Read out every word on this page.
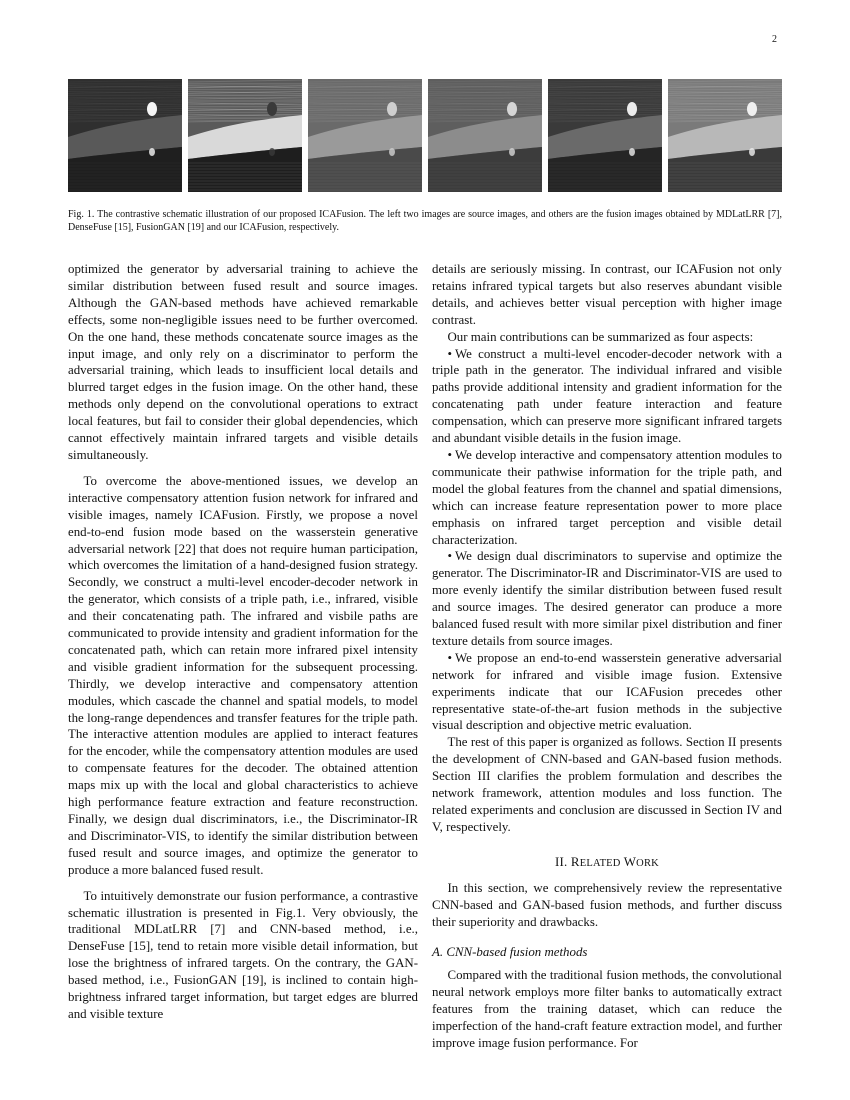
2
Fig. 1. The contrastive schematic illustration of our proposed ICAFusion. The left two images are source images, and others are the fusion images obtained by MDLatLRR [7], DenseFuse [15], FusionGAN [19] and our ICAFusion, respectively.

optimized the generator by adversarial training to achieve the similar distribution between fused result and source images. Although the GAN-based methods have achieved remarkable effects, some non-negligible issues need to be further overcomed. On the one hand, these methods concatenate source images as the input image, and only rely on a discriminator to perform the adversarial training, which leads to insufficient local details and blurred target edges in the fusion image. On the other hand, these methods only depend on the convolutional operations to extract local features, but fail to consider their global dependencies, which cannot effectively maintain infrared targets and visible details simultaneously.

To overcome the above-mentioned issues, we develop an interactive compensatory attention fusion network for infrared and visible images, namely ICAFusion. Firstly, we propose a novel end-to-end fusion mode based on the wasserstein generative adversarial network [22] that does not require human participation, which overcomes the limitation of a hand-designed fusion strategy. Secondly, we construct a multi-level encoder-decoder network in the generator, which consists of a triple path, i.e., infrared, visible and their concatenating path. The infrared and visbile paths are communicated to provide intensity and gradient information for the concatenated path, which can retain more infrared pixel intensity and visible gradient information for the subsequent processing. Thirdly, we develop interactive and compensatory attention modules, which cascade the channel and spatial models, to model the long-range dependences and transfer features for the triple path. The interactive attention modules are applied to interact features for the encoder, while the compensatory attention modules are used to compensate features for the decoder. The obtained attention maps mix up with the local and global characteristics to achieve high performance feature extraction and feature reconstruction. Finally, we design dual discriminators, i.e., the Discriminator-IR and Discriminator-VIS, to identify the similar distribution between fused result and source images, and optimize the generator to produce a more balanced fused result.

To intuitively demonstrate our fusion performance, a contrastive schematic illustration is presented in Fig.1. Very obviously, the traditional MDLatLRR [7] and CNN-based method, i.e., DenseFuse [15], tend to retain more visible detail information, but lose the brightness of infrared targets. On the contrary, the GAN-based method, i.e., FusionGAN [19], is inclined to contain high-brightness infrared target information, but target edges are blurred and visible texture

details are seriously missing. In contrast, our ICAFusion not only retains infrared typical targets but also reserves abundant visible details, and achieves better visual perception with higher image contrast.

Our main contributions can be summarized as four aspects:

• We construct a multi-level encoder-decoder network with a triple path in the generator. The individual infrared and visible paths provide additional intensity and gradient information for the concatenating path under feature interaction and feature compensation, which can preserve more significant infrared targets and abundant visible details in the fusion image.

• We develop interactive and compensatory attention modules to communicate their pathwise information for the triple path, and model the global features from the channel and spatial dimensions, which can increase feature representation power to more place emphasis on infrared target perception and visible detail characterization.

• We design dual discriminators to supervise and optimize the generator. The Discriminator-IR and Discriminator-VIS are used to more evenly identify the similar distribution between fused result and source images. The desired generator can produce a more balanced fused result with more similar pixel distribution and finer texture details from source images.

• We propose an end-to-end wasserstein generative adversarial network for infrared and visible image fusion. Extensive experiments indicate that our ICAFusion precedes other representative state-of-the-art fusion methods in the subjective visual description and objective metric evaluation.

The rest of this paper is organized as follows. Section II presents the development of CNN-based and GAN-based fusion methods. Section III clarifies the problem formulation and describes the network framework, attention modules and loss function. The related experiments and conclusion are discussed in Section IV and V, respectively.

II. RELATED WORK

In this section, we comprehensively review the representative CNN-based and GAN-based fusion methods, and further discuss their superiority and drawbacks.

A. CNN-based fusion methods

Compared with the traditional fusion methods, the convolutional neural network employs more filter banks to automatically extract features from the training dataset, which can reduce the imperfection of the hand-craft feature extraction model, and further improve image fusion performance. For
